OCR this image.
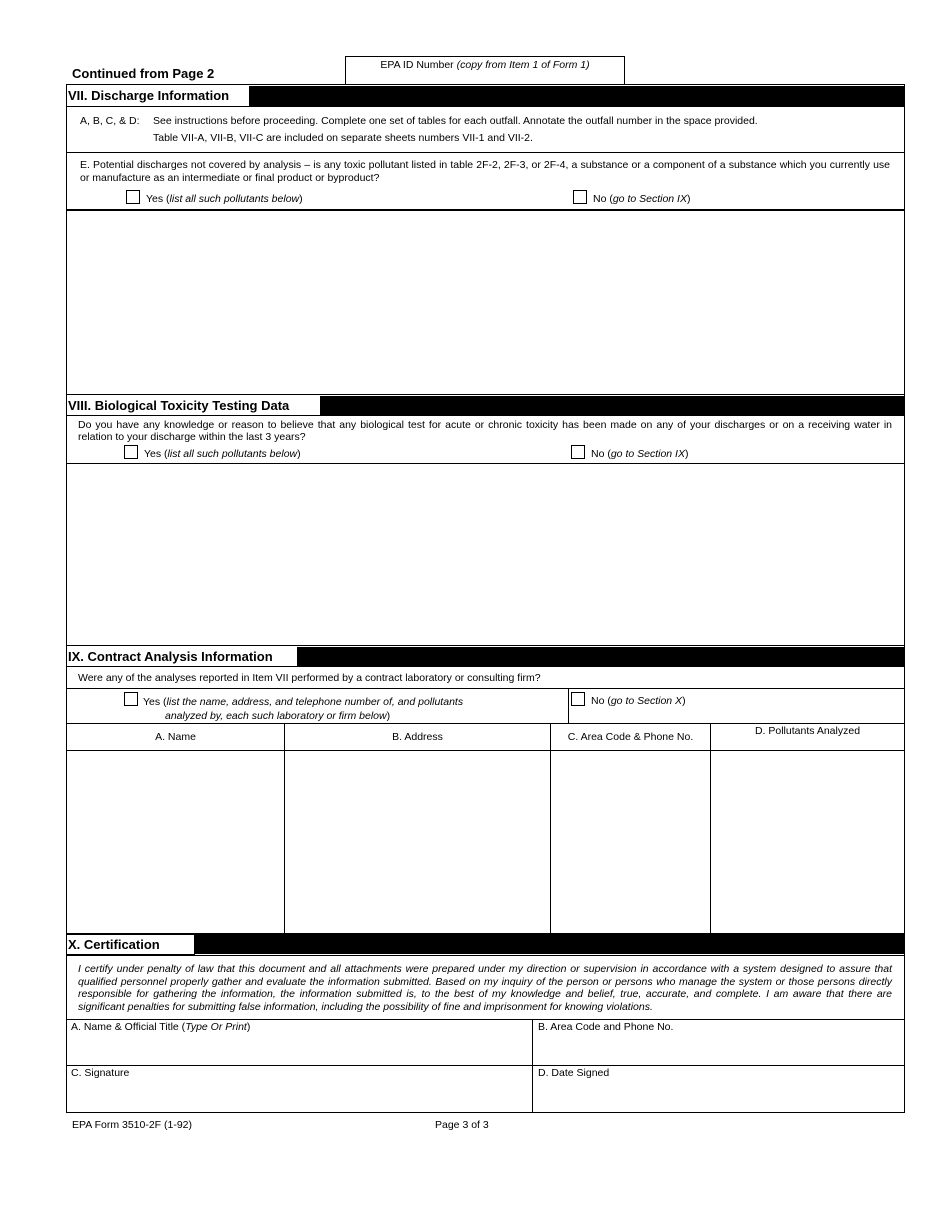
Continued from Page 2
EPA ID Number (copy from Item 1 of Form 1)
VII. Discharge Information
A, B, C, & D: See instructions before proceeding. Complete one set of tables for each outfall. Annotate the outfall number in the space provided.
Table VII-A, VII-B, VII-C are included on separate sheets numbers VII-1 and VII-2.
E. Potential discharges not covered by analysis – is any toxic pollutant listed in table 2F-2, 2F-3, or 2F-4, a substance or a component of a substance which you currently use or manufacture as an intermediate or final product or byproduct?
Yes (list all such pollutants below)	No (go to Section IX)
VIII. Biological Toxicity Testing Data
Do you have any knowledge or reason to believe that any biological test for acute or chronic toxicity has been made on any of your discharges or on a receiving water in relation to your discharge within the last 3 years?
Yes (list all such pollutants below)	No (go to Section IX)
IX. Contract Analysis Information
Were any of the analyses reported in Item VII performed by a contract laboratory or consulting firm?
Yes (list the name, address, and telephone number of, and pollutants
analyzed by, each such laboratory or firm below)
No (go to Section X)
A. Name	B. Address	C. Area Code & Phone No.	D. Pollutants Analyzed
X. Certification
I certify under penalty of law that this document and all attachments were prepared under my direction or supervision in accordance with a system designed to assure that qualified personnel properly gather and evaluate the information submitted. Based on my inquiry of the person or persons who manage the system or those persons directly responsible for gathering the information, the information submitted is, to the best of my knowledge and belief, true, accurate, and complete. I am aware that there are significant penalties for submitting false information, including the possibility of fine and imprisonment for knowing violations.
A. Name & Official Title (Type Or Print)	B. Area Code and Phone No.
C. Signature	D. Date Signed
EPA Form 3510-2F (1-92)	Page 3 of 3
